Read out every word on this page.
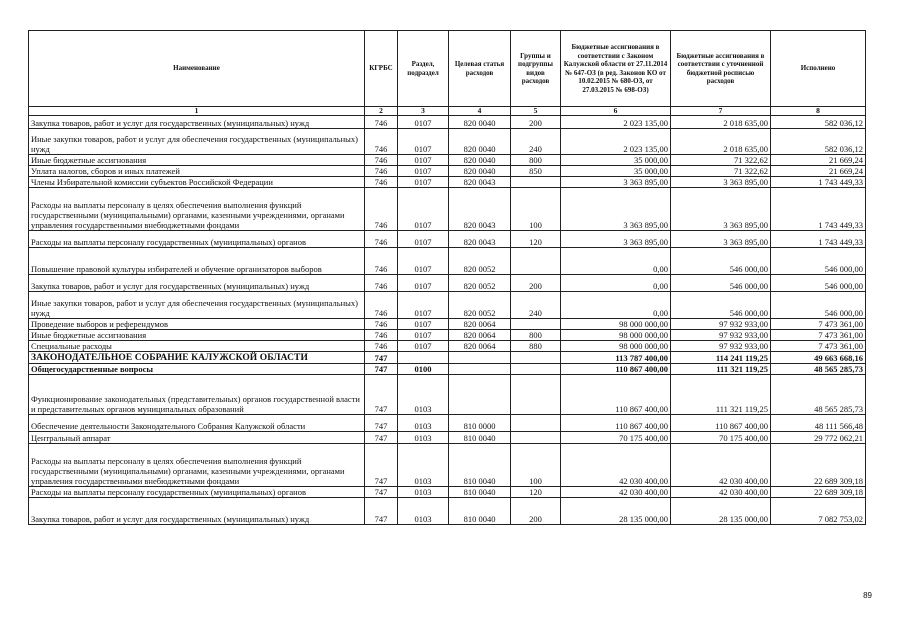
Наименование	КГРБС	Раздел, подраздел	Целевая статья расходов	Группы и подгруппы видов расходов	Бюджетные ассигнования в соответствии с Законом Калужской области от 27.11.2014 № 647-ОЗ (в ред. Законов КО от 10.02.2015 № 680-ОЗ, от 27.03.2015 № 698-ОЗ)	Бюджетные ассигнования в соответствии с уточненной бюджетной росписью расходов	Исполнено
1	2	3	4	5	6	7	8
Закупка товаров, работ и услуг для государственных (муниципальных) нужд	746	0107	820 0040	200	2 023 135,00	2 018 635,00	582 036,12
Иные закупки товаров, работ и услуг для обеспечения государственных (муниципальных) нужд	746	0107	820 0040	240	2 023 135,00	2 018 635,00	582 036,12
Иные бюджетные ассигнования	746	0107	820 0040	800	35 000,00	71 322,62	21 669,24
Уплата налогов, сборов и иных платежей	746	0107	820 0040	850	35 000,00	71 322,62	21 669,24
Члены Избирательной комиссии субъектов Российской Федерации	746	0107	820 0043		3 363 895,00	3 363 895,00	1 743 449,33
Расходы на выплаты персоналу в целях обеспечения выполнения функций государственными (муниципальными) органами, казенными учреждениями, органами управления государственными внебюджетными фондами	746	0107	820 0043	100	3 363 895,00	3 363 895,00	1 743 449,33
Расходы на выплаты персоналу государственных (муниципальных) органов	746	0107	820 0043	120	3 363 895,00	3 363 895,00	1 743 449,33
Повышение правовой культуры избирателей и обучение организаторов выборов	746	0107	820 0052		0,00	546 000,00	546 000,00
Закупка товаров, работ и услуг для государственных (муниципальных) нужд	746	0107	820 0052	200	0,00	546 000,00	546 000,00
Иные закупки товаров, работ и услуг для обеспечения государственных (муниципальных) нужд	746	0107	820 0052	240	0,00	546 000,00	546 000,00
Проведение выборов и референдумов	746	0107	820 0064		98 000 000,00	97 932 933,00	7 473 361,00
Иные бюджетные ассигнования	746	0107	820 0064	800	98 000 000,00	97 932 933,00	7 473 361,00
Специальные расходы	746	0107	820 0064	880	98 000 000,00	97 932 933,00	7 473 361,00
ЗАКОНОДАТЕЛЬНОЕ СОБРАНИЕ КАЛУЖСКОЙ ОБЛАСТИ	747				113 787 400,00	114 241 119,25	49 663 668,16
Общегосударственные вопросы	747	0100			110 867 400,00	111 321 119,25	48 565 285,73
Функционирование законодательных (представительных) органов государственной власти и представительных органов муниципальных образований	747	0103			110 867 400,00	111 321 119,25	48 565 285,73
Обеспечение деятельности Законодательного Собрания Калужской области	747	0103	810 0000		110 867 400,00	110 867 400,00	48 111 566,48
Центральный аппарат	747	0103	810 0040		70 175 400,00	70 175 400,00	29 772 062,21
Расходы на выплаты персоналу в целях обеспечения выполнения функций государственными (муниципальными) органами, казенными учреждениями, органами управления государственными внебюджетными фондами	747	0103	810 0040	100	42 030 400,00	42 030 400,00	22 689 309,18
Расходы на выплаты персоналу государственных (муниципальных) органов	747	0103	810 0040	120	42 030 400,00	42 030 400,00	22 689 309,18
Закупка товаров, работ и услуг для государственных (муниципальных) нужд	747	0103	810 0040	200	28 135 000,00	28 135 000,00	7 082 753,02
89
